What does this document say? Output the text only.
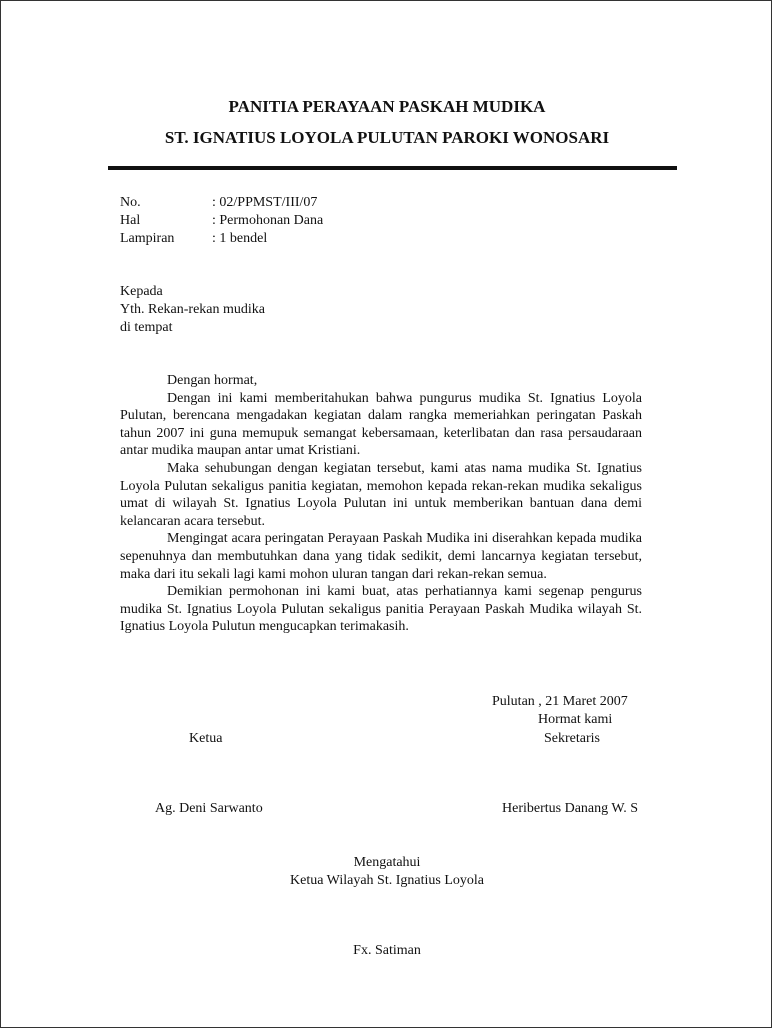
PANITIA PERAYAAN PASKAH MUDIKA
ST. IGNATIUS LOYOLA PULUTAN PAROKI WONOSARI
No.	: 02/PPMST/III/07
Hal	: Permohonan Dana
Lampiran	: 1 bendel
Kepada
Yth. Rekan-rekan mudika
di tempat

Dengan hormat,

Dengan ini kami memberitahukan bahwa pungurus mudika St. Ignatius Loyola Pulutan, berencana mengadakan kegiatan dalam rangka memeriahkan peringatan Paskah tahun 2007 ini guna memupuk semangat kebersamaan, keterlibatan dan rasa persaudaraan antar mudika maupan antar umat Kristiani.

Maka sehubungan dengan kegiatan tersebut, kami atas nama mudika St. Ignatius Loyola Pulutan sekaligus panitia kegiatan, memohon kepada rekan-rekan mudika sekaligus umat di wilayah St. Ignatius Loyola Pulutan ini untuk memberikan bantuan dana demi kelancaran acara tersebut.

Mengingat acara peringatan Perayaan Paskah Mudika ini diserahkan kepada mudika sepenuhnya dan membutuhkan dana yang tidak sedikit, demi lancarnya kegiatan tersebut, maka dari itu sekali lagi kami mohon uluran tangan dari rekan-rekan semua.

Demikian permohonan ini kami buat, atas perhatiannya kami segenap pengurus mudika St. Ignatius Loyola Pulutan sekaligus panitia Perayaan Paskah Mudika wilayah St. Ignatius Loyola Pulutun mengucapkan terimakasih.

Pulutan , 21 Maret 2007
Hormat kami
Ketua	Sekretaris
Ag. Deni Sarwanto	Heribertus Danang W. S
Mengatahui
Ketua Wilayah St. Ignatius Loyola
Fx. Satiman
